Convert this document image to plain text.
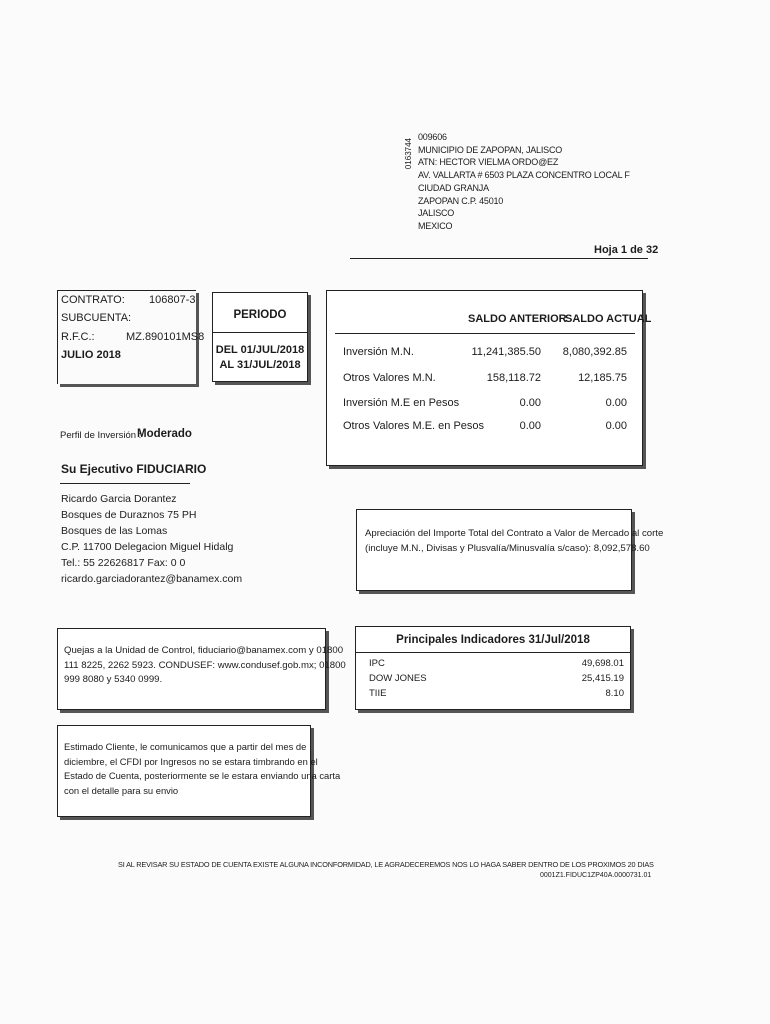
0163744
009606
MUNICIPIO DE ZAPOPAN, JALISCO
ATN: HECTOR VIELMA ORDO@EZ
AV. VALLARTA # 6503 PLAZA CONCENTRO LOCAL F
CIUDAD GRANJA
ZAPOPAN C.P. 45010
JALISCO
MEXICO
Hoja 1 de 32
CONTRATO: 106807-3
SUBCUENTA:
R.F.C.:	MZ.890101MS8
JULIO 2018
PERIODO
DEL 01/JUL/2018
AL 31/JUL/2018
SALDO ANTERIOR
SALDO ACTUAL
Inversión M.N.	11,241,385.50	8,080,392.85
Otros Valores M.N.	158,118.72	12,185.75
Inversión M.E en Pesos	0.00	0.00
Otros Valores M.E. en Pesos	0.00	0.00
Perfil de Inversión :
Moderado
Su Ejecutivo FIDUCIARIO
Ricardo Garcia Dorantez
Bosques de Duraznos 75 PH
Bosques de las Lomas
C.P. 11700 Delegacion Miguel Hidalg
Tel.: 55 22626817 Fax: 0 0
ricardo.garciadorantez@banamex.com
Apreciación del Importe Total del Contrato a Valor de Mercado al corte
(incluye M.N., Divisas y Plusvalía/Minusvalía s/caso): 8,092,578.60
Quejas a la Unidad de Control, fiduciario@banamex.com y 01800
111 8225, 2262 5923. CONDUSEF: www.condusef.gob.mx; 01800
999 8080 y 5340 0999.
Principales Indicadores 31/Jul/2018
IPC	49,698.01
DOW JONES	25,415.19
TIIE	8.10
Estimado Cliente, le comunicamos que a partir del mes de
diciembre, el CFDI por Ingresos no se estara timbrando en el
Estado de Cuenta, posteriormente se le estara enviando una carta
con el detalle para su envio
SI AL REVISAR SU ESTADO DE CUENTA EXISTE ALGUNA INCONFORMIDAD, LE AGRADECEREMOS NOS LO HAGA SABER DENTRO DE LOS PROXIMOS 20 DIAS
0001Z1.FIDUC1ZP40A.0000731.01
